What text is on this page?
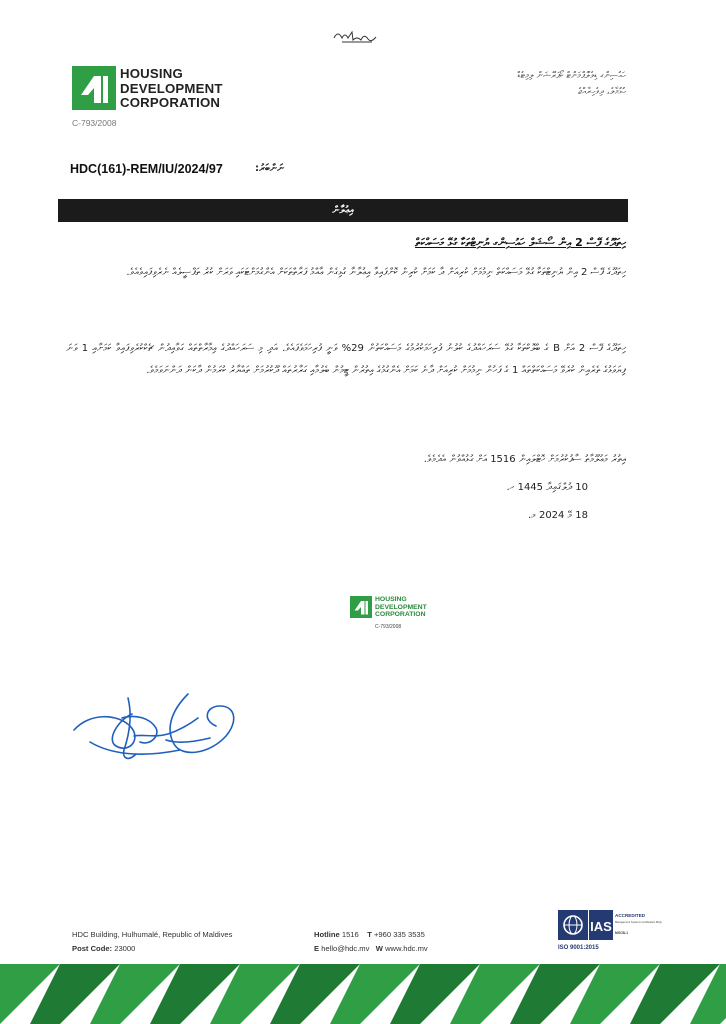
HOUSING
DEVELOPMENT
CORPORATION
C-793/2008
ހައުސިންގ ޑިވެލޮޕްމަންޓް ކޯޕަރޭޝަން ލިމިޓެޑް
ހުޅުމާލެ، ދިވެހިރާއްޖެ
HDC(161)-REM/IU/2024/97	ނަންބަރު:
އިޢުލާން
ހިތަދޫގެ ފޭސް 2 އިން ސޯޝަލް ހައުސިންގ ޔުނިޓްތަކާ ގުޅޭ މަސައްކަތް
ހިތަދޫގެ ފޭސް 2 އިން ޔުނިޓްތަކާ ގުޅޭ މަސައްކަތް ނިމުމަށް ކުރިއަށް ދާ ކަމަށް ކުރިން ކޮށްފައިވާ އިޢުލާނާ ގުޅިގެން ޢާއްމު ފަރާތްތަކަށް އެންގުމަށްޓަކައި ވަރަށް ކުރު ތަފްޞީލެއް ނެރެވިފައިވެއެވެ.
ހިތަދޫގެ ފޭސް 2 އަށް B ގެ ބްލޮކްތަކާ ގުޅޭ ސަރަހައްދުގެ ކުލުނު ފުރިހަމަކުރުމުގެ މަސައްކަތުން 29% ވަނީ ފުރިހަމަވެފައެވެ. އަދި މި ސަރަހައްދުގެ ޢިމާރާތްތައް ގަވާއިދުން ޗެކްކުރެވިފައިވާ ކަމަށާއި 1 ވަނަ ފިޔަވަޅުގެ ތެރެއިން ކުރެވޭ މަސައްކަތްތައް 1 ގެ ފަހުން ނިމުމަށް ކުރިއަށް ދާނެ ކަމަށް އެންގުމުގެ އިތުރުން ޓީމުން ބެލުމާއި ގަރާރުތައް ދޫކުރުމަށް ތައްޔާރު ކުރަމުން ދާކަން ދަންނަވަމެވެ.
އިތުރު މަޢުލޫމާތު ސާފުކުރުމަށް ހޮޓްލައިން 1516 އަށް ގުޅުއްވުން އެދެމެވެ.
10 ޛުލްޤަޢިދާ 1445 ހ.
18 މޭ 2024 މ.
HOUSING
DEVELOPMENT
CORPORATION
C-793/2008
HDC Building, Hulhumalé, Republic of Maldives
Post Code: 23000
Hotline 1516 T +960 335 3535
E hello@hdc.mv W www.hdc.mv
IAS
ACCREDITED
Management Systems Certification Body
MSCB-1
ISO 9001:2015
